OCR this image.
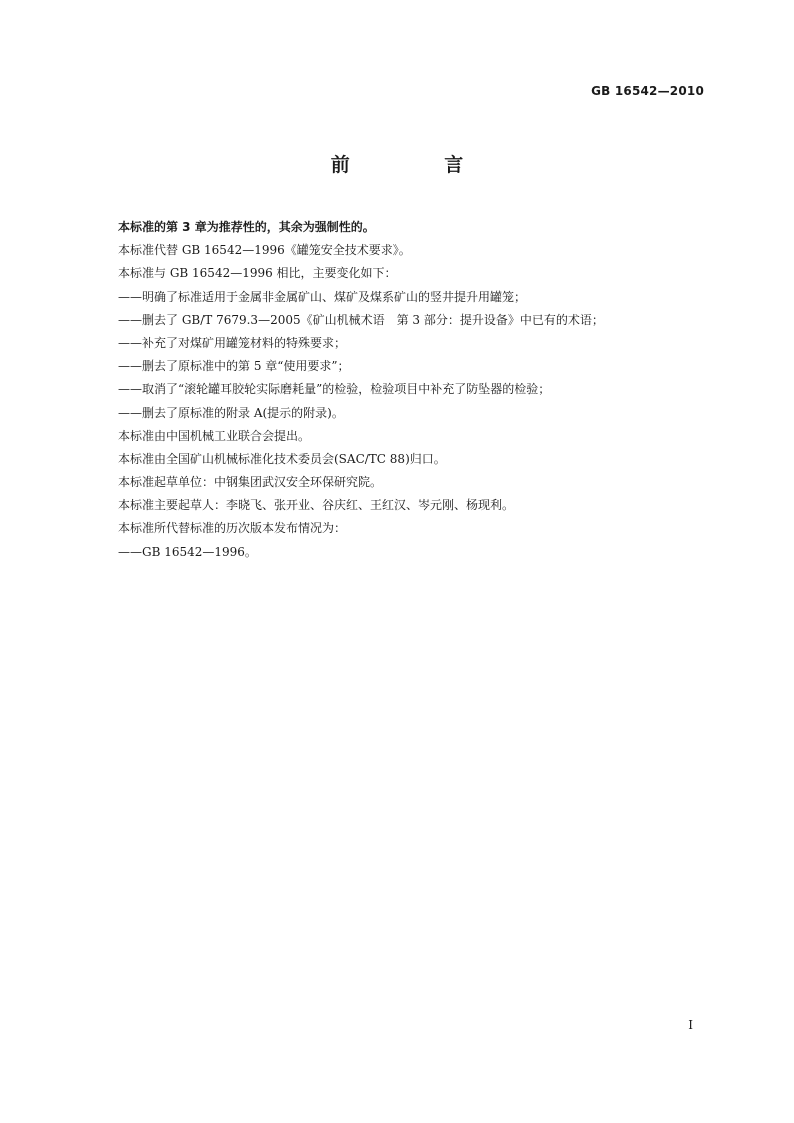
GB 16542—2010
前 言
本标准的第 3 章为推荐性的，其余为强制性的。
本标准代替 GB 16542—1996《罐笼安全技术要求》。
本标准与 GB 16542—1996 相比，主要变化如下：
——明确了标准适用于金属非金属矿山、煤矿及煤系矿山的竖井提升用罐笼；
——删去了 GB/T 7679.3—2005《矿山机械术语　第 3 部分：提升设备》中已有的术语；
——补充了对煤矿用罐笼材料的特殊要求；
——删去了原标准中的第 5 章“使用要求”；
——取消了“滚轮罐耳胶轮实际磨耗量”的检验，检验项目中补充了防坠器的检验；
——删去了原标准的附录 A(提示的附录)。
本标准由中国机械工业联合会提出。
本标准由全国矿山机械标准化技术委员会(SAC/TC 88)归口。
本标准起草单位：中钢集团武汉安全环保研究院。
本标准主要起草人：李晓飞、张开业、谷庆红、王红汉、岑元刚、杨现利。
本标准所代替标准的历次版本发布情况为：
——GB 16542—1996。
I
